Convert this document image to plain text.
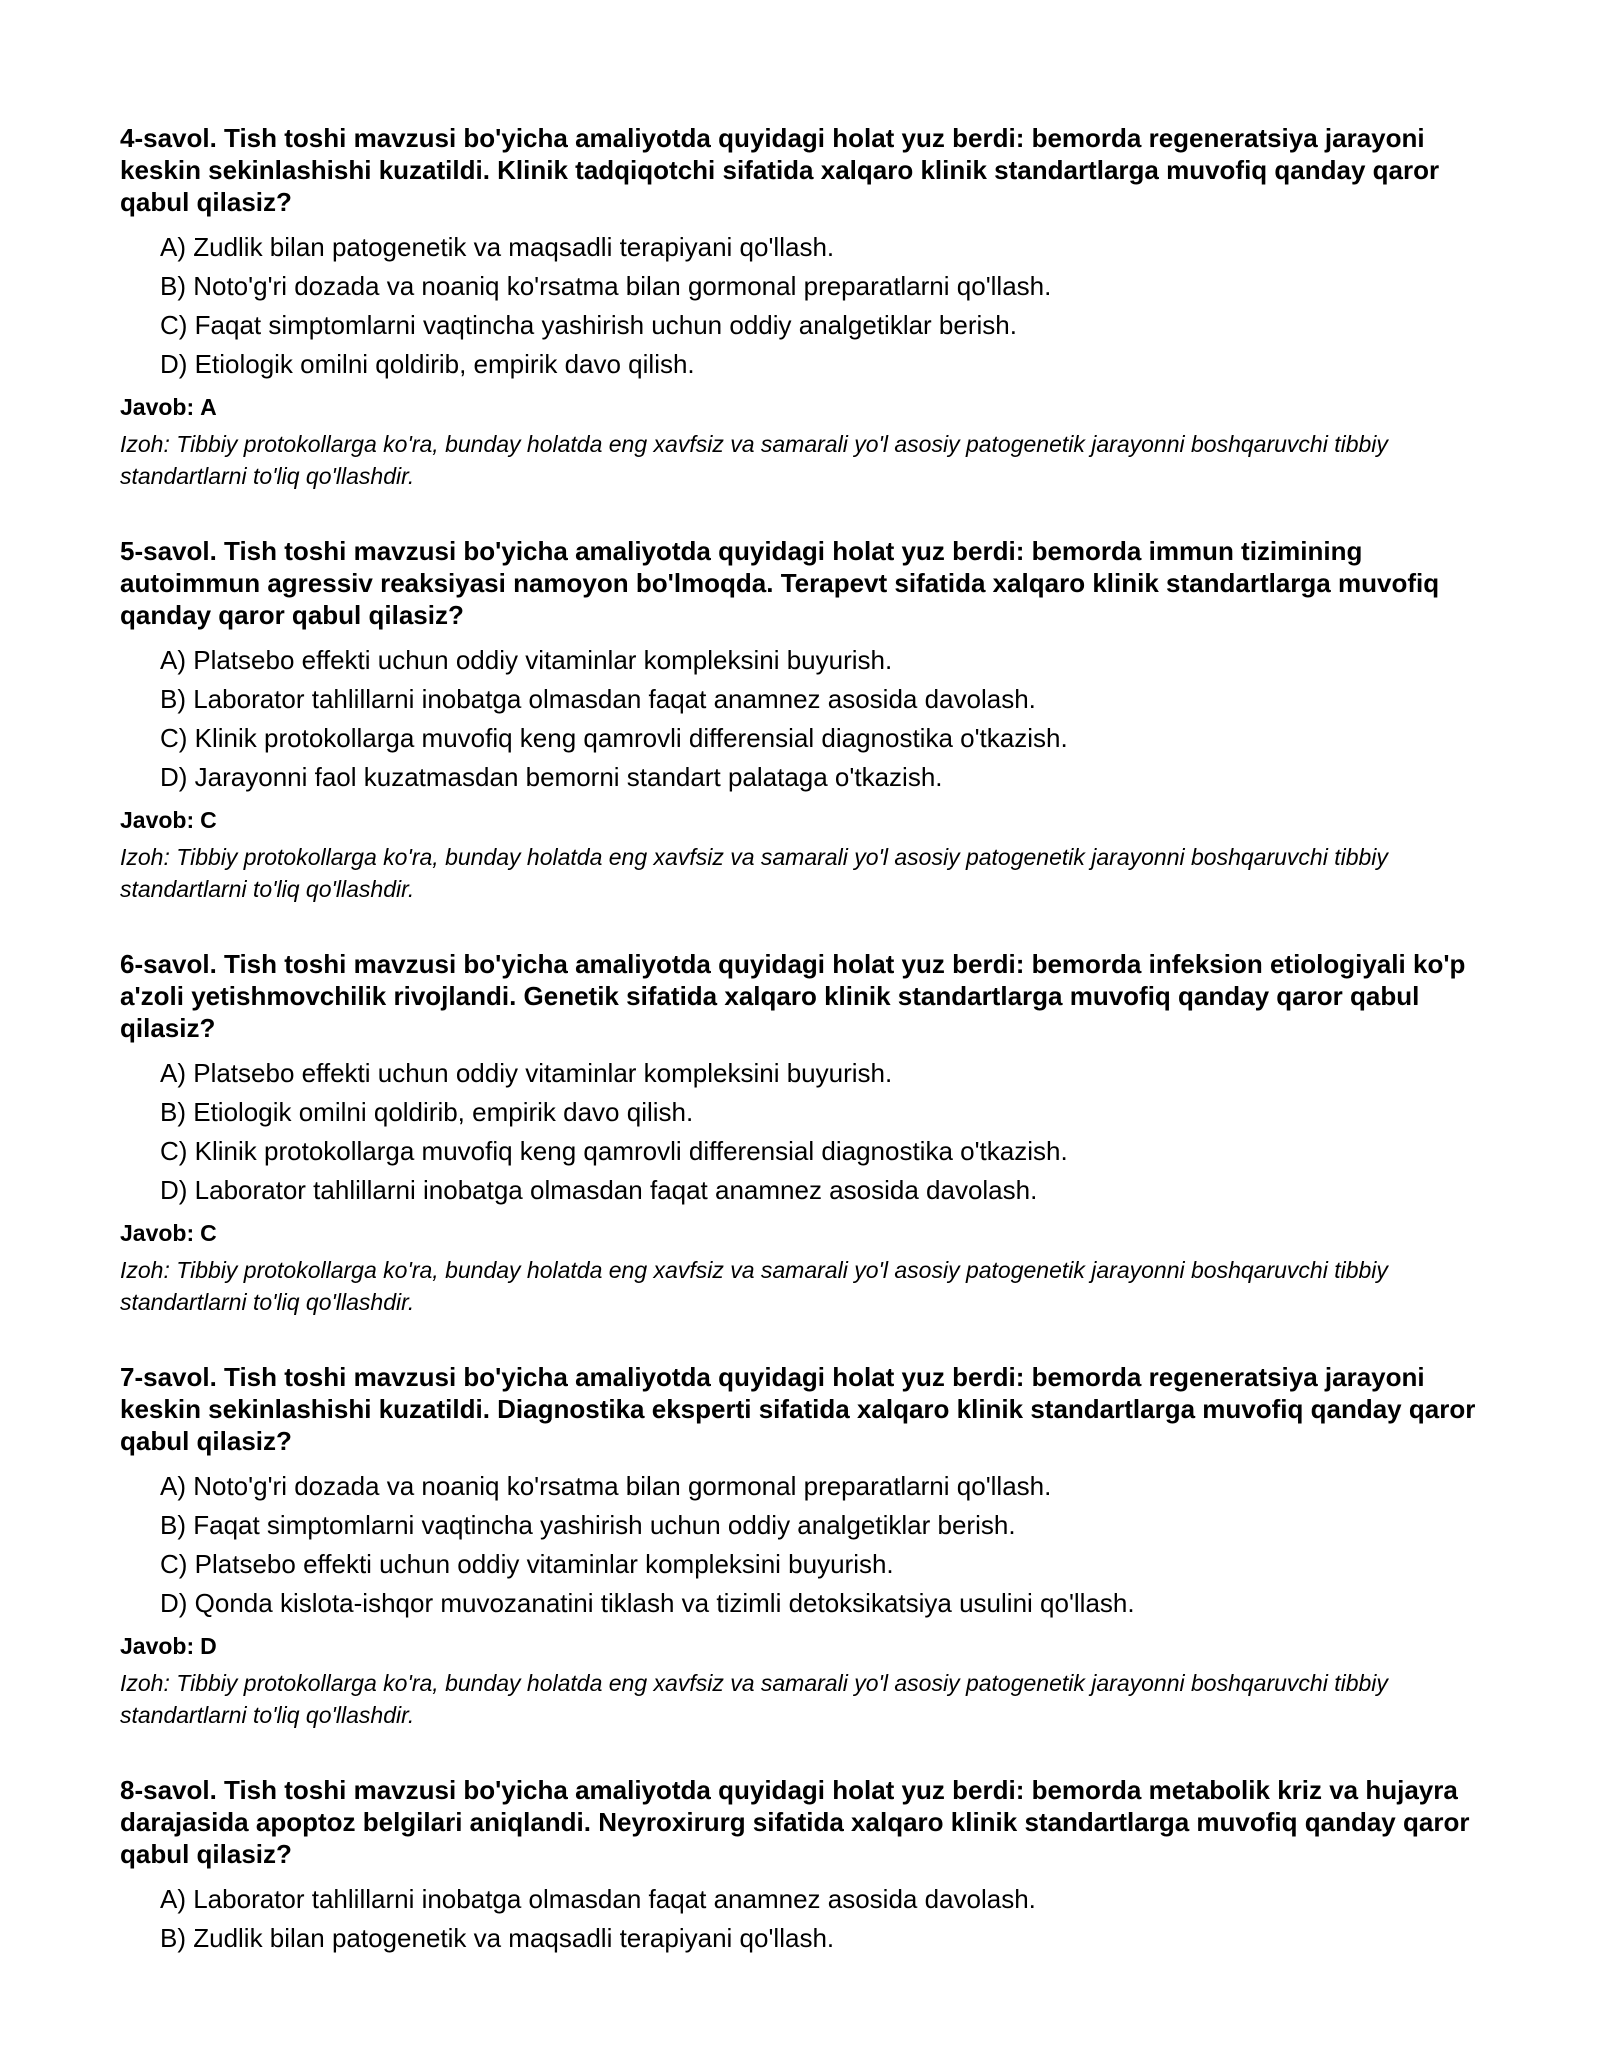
4-savol. Tish toshi mavzusi bo'yicha amaliyotda quyidagi holat yuz berdi: bemorda regeneratsiya jarayoni keskin sekinlashishi kuzatildi. Klinik tadqiqotchi sifatida xalqaro klinik standartlarga muvofiq qanday qaror qabul qilasiz?
A) Zudlik bilan patogenetik va maqsadli terapiyani qo'llash.
B) Noto'g'ri dozada va noaniq ko'rsatma bilan gormonal preparatlarni qo'llash.
C) Faqat simptomlarni vaqtincha yashirish uchun oddiy analgetiklar berish.
D) Etiologik omilni qoldirib, empirik davo qilish.
Javob: A
Izoh: Tibbiy protokollarga ko'ra, bunday holatda eng xavfsiz va samarali yo'l asosiy patogenetik jarayonni boshqaruvchi tibbiy standartlarni to'liq qo'llashdir.
5-savol. Tish toshi mavzusi bo'yicha amaliyotda quyidagi holat yuz berdi: bemorda immun tizimining autoimmun agressiv reaksiyasi namoyon bo'lmoqda. Terapevt sifatida xalqaro klinik standartlarga muvofiq qanday qaror qabul qilasiz?
A) Platsebo effekti uchun oddiy vitaminlar kompleksini buyurish.
B) Laborator tahlillarni inobatga olmasdan faqat anamnez asosida davolash.
C) Klinik protokollarga muvofiq keng qamrovli differensial diagnostika o'tkazish.
D) Jarayonni faol kuzatmasdan bemorni standart palataga o'tkazish.
Javob: C
Izoh: Tibbiy protokollarga ko'ra, bunday holatda eng xavfsiz va samarali yo'l asosiy patogenetik jarayonni boshqaruvchi tibbiy standartlarni to'liq qo'llashdir.
6-savol. Tish toshi mavzusi bo'yicha amaliyotda quyidagi holat yuz berdi: bemorda infeksion etiologiyali ko'p a'zoli yetishmovchilik rivojlandi. Genetik sifatida xalqaro klinik standartlarga muvofiq qanday qaror qabul qilasiz?
A) Platsebo effekti uchun oddiy vitaminlar kompleksini buyurish.
B) Etiologik omilni qoldirib, empirik davo qilish.
C) Klinik protokollarga muvofiq keng qamrovli differensial diagnostika o'tkazish.
D) Laborator tahlillarni inobatga olmasdan faqat anamnez asosida davolash.
Javob: C
Izoh: Tibbiy protokollarga ko'ra, bunday holatda eng xavfsiz va samarali yo'l asosiy patogenetik jarayonni boshqaruvchi tibbiy standartlarni to'liq qo'llashdir.
7-savol. Tish toshi mavzusi bo'yicha amaliyotda quyidagi holat yuz berdi: bemorda regeneratsiya jarayoni keskin sekinlashishi kuzatildi. Diagnostika eksperti sifatida xalqaro klinik standartlarga muvofiq qanday qaror qabul qilasiz?
A) Noto'g'ri dozada va noaniq ko'rsatma bilan gormonal preparatlarni qo'llash.
B) Faqat simptomlarni vaqtincha yashirish uchun oddiy analgetiklar berish.
C) Platsebo effekti uchun oddiy vitaminlar kompleksini buyurish.
D) Qonda kislota-ishqor muvozanatini tiklash va tizimli detoksikatsiya usulini qo'llash.
Javob: D
Izoh: Tibbiy protokollarga ko'ra, bunday holatda eng xavfsiz va samarali yo'l asosiy patogenetik jarayonni boshqaruvchi tibbiy standartlarni to'liq qo'llashdir.
8-savol. Tish toshi mavzusi bo'yicha amaliyotda quyidagi holat yuz berdi: bemorda metabolik kriz va hujayra darajasida apoptoz belgilari aniqlandi. Neyroxirurg sifatida xalqaro klinik standartlarga muvofiq qanday qaror qabul qilasiz?
A) Laborator tahlillarni inobatga olmasdan faqat anamnez asosida davolash.
B) Zudlik bilan patogenetik va maqsadli terapiyani qo'llash.
